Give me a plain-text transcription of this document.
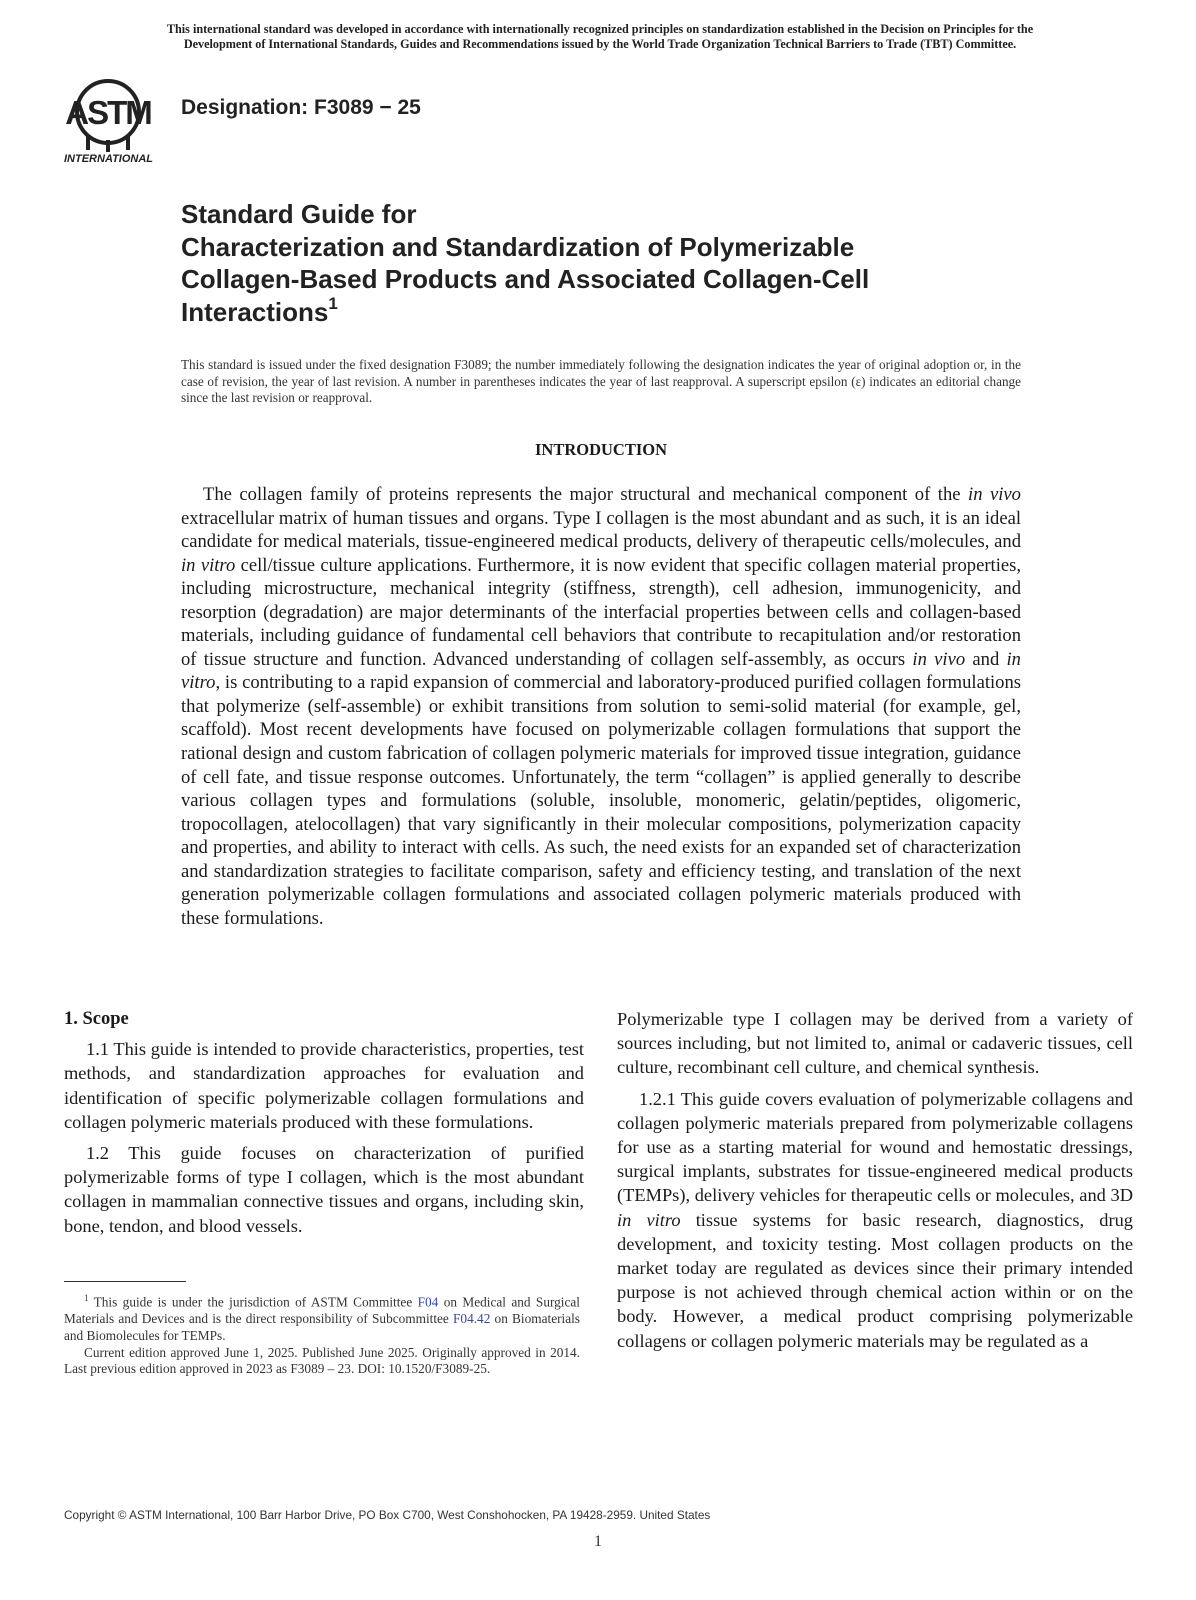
This international standard was developed in accordance with internationally recognized principles on standardization established in the Decision on Principles for the
Development of International Standards, Guides and Recommendations issued by the World Trade Organization Technical Barriers to Trade (TBT) Committee.
ASTM
INTERNATIONAL
Designation: F3089 − 25
Standard Guide for
Characterization and Standardization of Polymerizable
Collagen-Based Products and Associated Collagen-Cell
Interactions$^1$
This standard is issued under the fixed designation F3089; the number immediately following the designation indicates the year of original adoption or, in the case of revision, the year of last revision. A number in parentheses indicates the year of last reapproval. A superscript epsilon (ε) indicates an editorial change since the last revision or reapproval.
INTRODUCTION
The collagen family of proteins represents the major structural and mechanical component of the in vivo extracellular matrix of human tissues and organs. Type I collagen is the most abundant and as such, it is an ideal candidate for medical materials, tissue-engineered medical products, delivery of therapeutic cells/molecules, and in vitro cell/tissue culture applications. Furthermore, it is now evident that specific collagen material properties, including microstructure, mechanical integrity (stiffness, strength), cell adhesion, immunogenicity, and resorption (degradation) are major determinants of the interfacial properties between cells and collagen-based materials, including guidance of fundamental cell behaviors that contribute to recapitulation and/or restoration of tissue structure and function. Advanced understanding of collagen self-assembly, as occurs in vivo and in vitro, is contributing to a rapid expansion of commercial and laboratory-produced purified collagen formulations that polymerize (self-assemble) or exhibit transitions from solution to semi-solid material (for example, gel, scaffold). Most recent developments have focused on polymerizable collagen formulations that support the rational design and custom fabrication of collagen polymeric materials for improved tissue integration, guidance of cell fate, and tissue response outcomes. Unfortunately, the term “collagen” is applied generally to describe various collagen types and formulations (soluble, insoluble, monomeric, gelatin/peptides, oligomeric, tropocollagen, atelocollagen) that vary significantly in their molecular compositions, polymerization capacity and properties, and ability to interact with cells. As such, the need exists for an expanded set of characterization and standardization strategies to facilitate comparison, safety and efficiency testing, and translation of the next generation polymerizable collagen formulations and associated collagen polymeric materials produced with these formulations.
1. Scope

1.1 This guide is intended to provide characteristics, properties, test methods, and standardization approaches for evaluation and identification of specific polymerizable collagen formulations and collagen polymeric materials produced with these formulations.

1.2 This guide focuses on characterization of purified polymerizable forms of type I collagen, which is the most abundant collagen in mammalian connective tissues and organs, including skin, bone, tendon, and blood vessels.

$^1$ This guide is under the jurisdiction of ASTM Committee F04 on Medical and Surgical Materials and Devices and is the direct responsibility of Subcommittee F04.42 on Biomaterials and Biomolecules for TEMPs.

Current edition approved June 1, 2025. Published June 2025. Originally approved in 2014. Last previous edition approved in 2023 as F3089 – 23. DOI: 10.1520/F3089-25.

Polymerizable type I collagen may be derived from a variety of sources including, but not limited to, animal or cadaveric tissues, cell culture, recombinant cell culture, and chemical synthesis.

1.2.1 This guide covers evaluation of polymerizable collagens and collagen polymeric materials prepared from polymerizable collagens for use as a starting material for wound and hemostatic dressings, surgical implants, substrates for tissue-engineered medical products (TEMPs), delivery vehicles for therapeutic cells or molecules, and 3D in vitro tissue systems for basic research, diagnostics, drug development, and toxicity testing. Most collagen products on the market today are regulated as devices since their primary intended purpose is not achieved through chemical action within or on the body. However, a medical product comprising polymerizable collagens or collagen polymeric materials may be regulated as a

Copyright © ASTM International, 100 Barr Harbor Drive, PO Box C700, West Conshohocken, PA 19428-2959. United States
1
